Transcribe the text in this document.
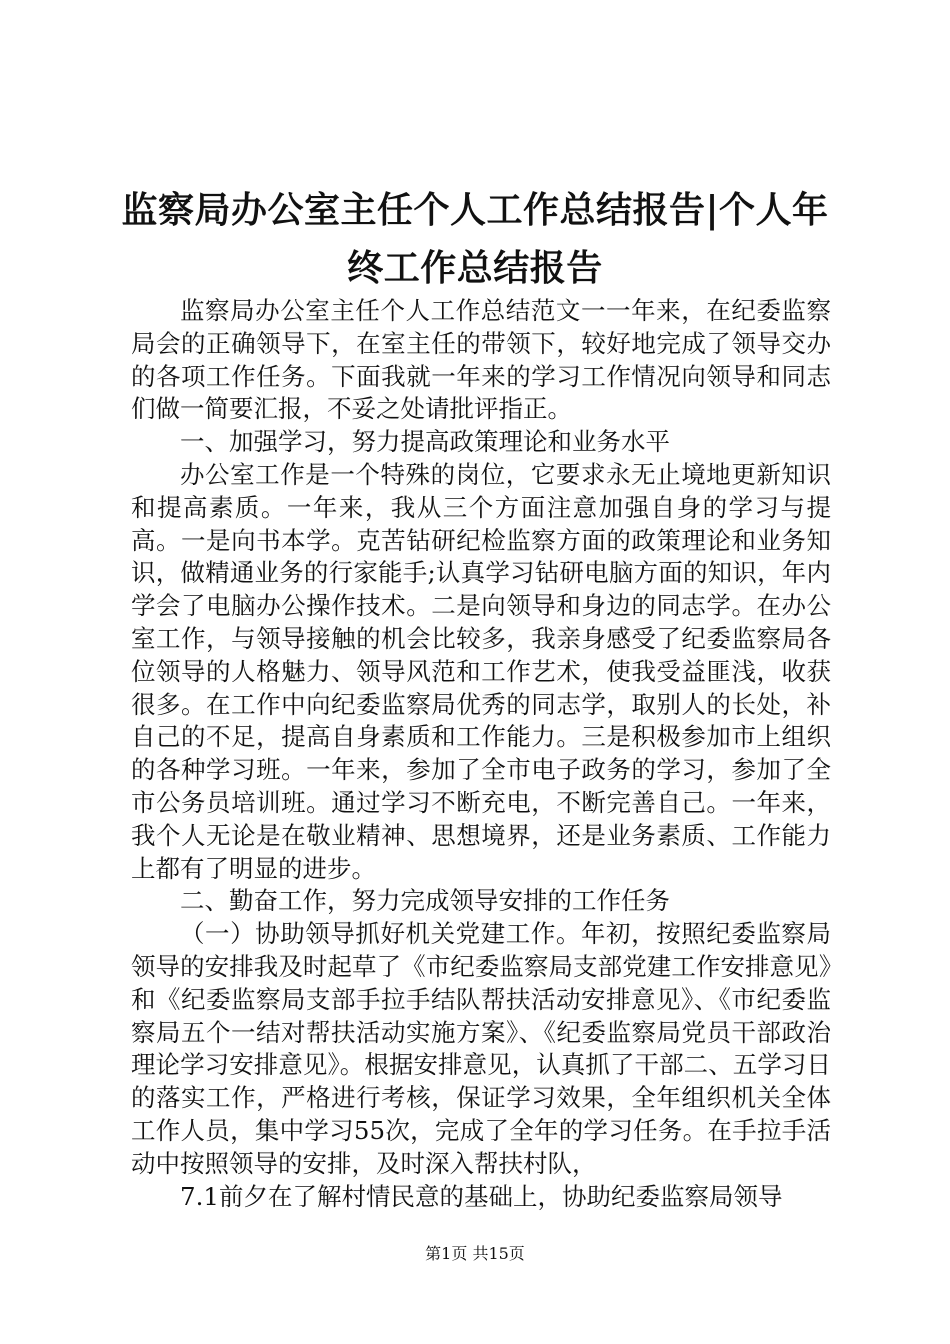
监察局办公室主任个人工作总结报告|个人年
终工作总结报告

监察局办公室主任个人工作总结范文一一年来，在纪委监察局会的正确领导下，在室主任的带领下，较好地完成了领导交办的各项工作任务。下面我就一年来的学习工作情况向领导和同志们做一简要汇报，不妥之处请批评指正。

一、加强学习，努力提高政策理论和业务水平

办公室工作是一个特殊的岗位，它要求永无止境地更新知识和提高素质。一年来，我从三个方面注意加强自身的学习与提高。一是向书本学。克苦钻研纪检监察方面的政策理论和业务知识，做精通业务的行家能手;认真学习钻研电脑方面的知识，年内学会了电脑办公操作技术。二是向领导和身边的同志学。在办公室工作，与领导接触的机会比较多，我亲身感受了纪委监察局各位领导的人格魅力、领导风范和工作艺术，使我受益匪浅，收获很多。在工作中向纪委监察局优秀的同志学，取别人的长处，补自己的不足，提高自身素质和工作能力。三是积极参加市上组织的各种学习班。一年来，参加了全市电子政务的学习，参加了全市公务员培训班。通过学习不断充电，不断完善自己。一年来，我个人无论是在敬业精神、思想境界，还是业务素质、工作能力上都有了明显的进步。

二、勤奋工作，努力完成领导安排的工作任务

（一）协助领导抓好机关党建工作。年初，按照纪委监察局领导的安排我及时起草了《市纪委监察局支部党建工作安排意见》和《纪委监察局支部手拉手结队帮扶活动安排意见》、《市纪委监察局五个一结对帮扶活动实施方案》、《纪委监察局党员干部政治理论学习安排意见》。根据安排意见，认真抓了干部二、五学习日的落实工作，严格进行考核，保证学习效果，全年组织机关全体工作人员，集中学习55次，完成了全年的学习任务。在手拉手活动中按照领导的安排，及时深入帮扶村队，

7.1前夕在了解村情民意的基础上，协助纪委监察局领导

第1页 共15页
